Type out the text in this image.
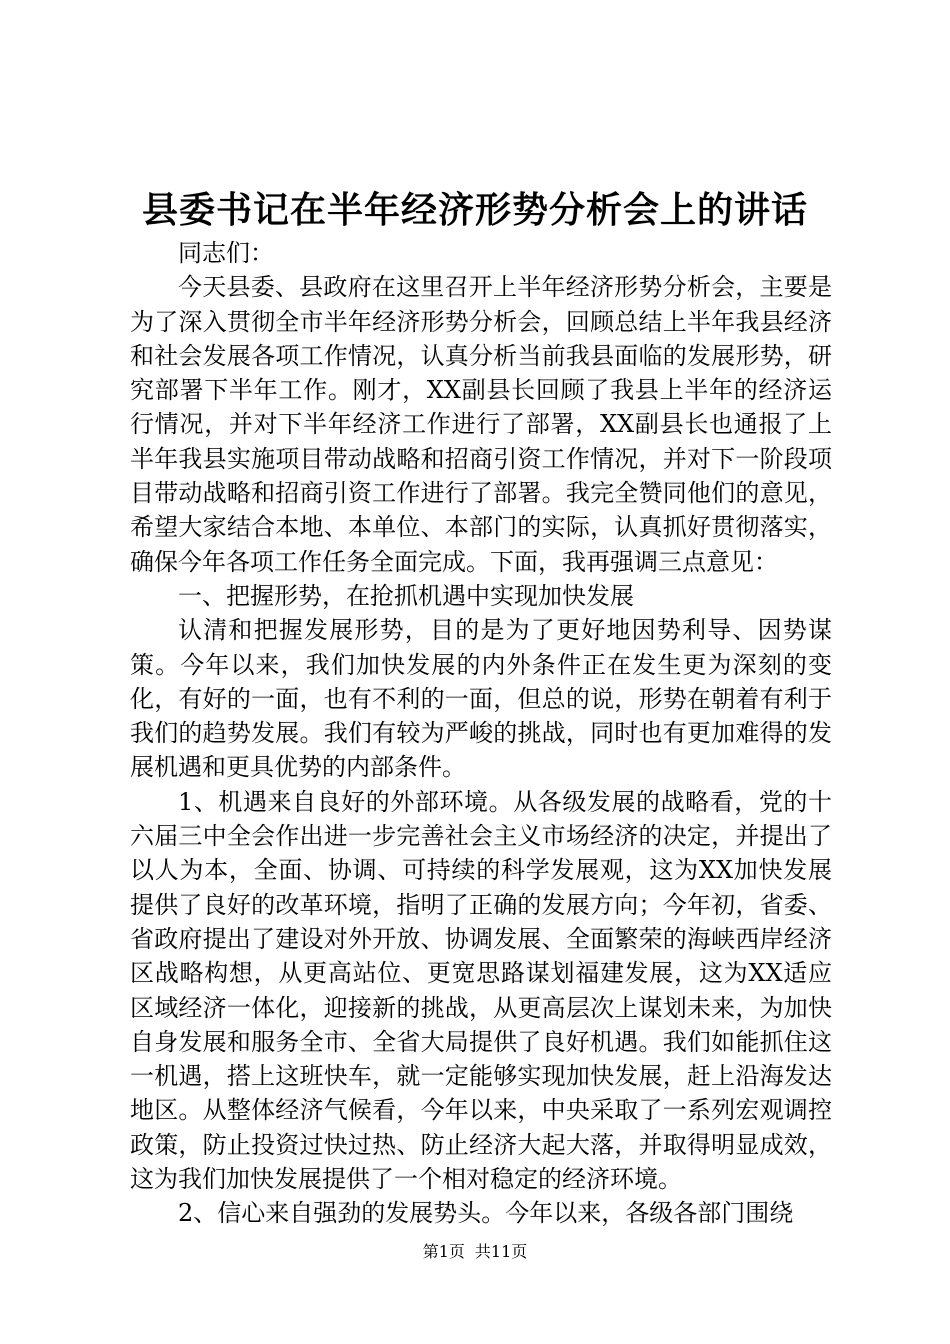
县委书记在半年经济形势分析会上的讲话

同志们：

今天县委、县政府在这里召开上半年经济形势分析会，主要是为了深入贯彻全市半年经济形势分析会，回顾总结上半年我县经济和社会发展各项工作情况，认真分析当前我县面临的发展形势，研究部署下半年工作。刚才，XX副县长回顾了我县上半年的经济运行情况，并对下半年经济工作进行了部署，XX副县长也通报了上半年我县实施项目带动战略和招商引资工作情况，并对下一阶段项目带动战略和招商引资工作进行了部署。我完全赞同他们的意见，希望大家结合本地、本单位、本部门的实际，认真抓好贯彻落实，确保今年各项工作任务全面完成。下面，我再强调三点意见：

一、把握形势，在抢抓机遇中实现加快发展

认清和把握发展形势，目的是为了更好地因势利导、因势谋策。今年以来，我们加快发展的内外条件正在发生更为深刻的变化，有好的一面，也有不利的一面，但总的说，形势在朝着有利于我们的趋势发展。我们有较为严峻的挑战，同时也有更加难得的发展机遇和更具优势的内部条件。

1、机遇来自良好的外部环境。从各级发展的战略看，党的十六届三中全会作出进一步完善社会主义市场经济的决定，并提出了以人为本，全面、协调、可持续的科学发展观，这为XX加快发展提供了良好的改革环境，指明了正确的发展方向；今年初，省委、省政府提出了建设对外开放、协调发展、全面繁荣的海峡西岸经济区战略构想，从更高站位、更宽思路谋划福建发展，这为XX适应区域经济一体化，迎接新的挑战，从更高层次上谋划未来，为加快自身发展和服务全市、全省大局提供了良好机遇。我们如能抓住这一机遇，搭上这班快车，就一定能够实现加快发展，赶上沿海发达地区。从整体经济气候看，今年以来，中央采取了一系列宏观调控政策，防止投资过快过热、防止经济大起大落，并取得明显成效，这为我们加快发展提供了一个相对稳定的经济环境。

2、信心来自强劲的发展势头。今年以来，各级各部门围绕

第1页 共11页
